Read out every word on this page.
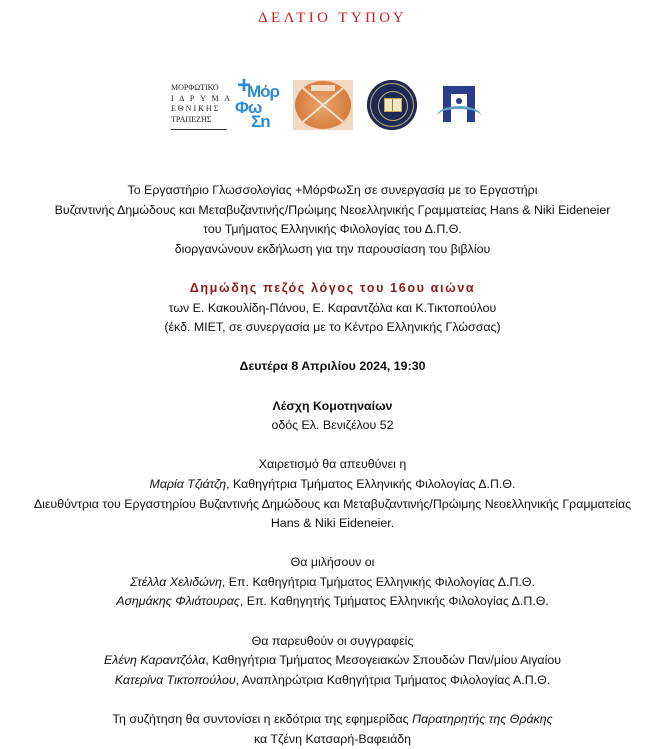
ΔΕΛΤΙΟ ΤΥΠΟΥ
ΜΟΡΦΩΤΙΚΟ
Ι Δ Ρ Υ Μ Α
ΕΘΝΙΚΗΣ
ΤΡΑΠΕΖΗΣ
+
Μόρ
Φω
Σn

Το Εργαστήριο Γλωσσολογίας +ΜόρΦωΣη σε συνεργασία με το Εργαστήρι

Βυζαντινής Δημώδους και Μεταβυζαντινής/Πρώιμης Νεοελληνικής Γραμματείας Hans & Niki Eideneier

του Τμήματος Ελληνικής Φιλολογίας του Δ.Π.Θ.

διοργανώνουν εκδήλωση για την παρουσίαση του βιβλίου

Δημώδης πεζός λόγος του 16ου αιώνα

των Ε. Κακουλίδη-Πάνου, Ε. Καραντζόλα και Κ.Τικτοπούλου

(έκδ. ΜΙΕΤ, σε συνεργασία με το Κέντρο Ελληνικής Γλώσσας)

Δευτέρα 8 Απριλίου 2024, 19:30

Λέσχη Κομοτηναίων

οδός Ελ. Βενιζέλου 52

Χαιρετισμό θα απευθύνει η

Μαρία Τζιάτζη, Καθηγήτρια Τμήματος Ελληνικής Φιλολογίας Δ.Π.Θ.

Διευθύντρια του Εργαστηρίου Βυζαντινής Δημώδους και Μεταβυζαντινής/Πρώιμης Νεοελληνικής Γραμματείας

Hans & Niki Eideneier.

Θα μιλήσουν οι

Στέλλα Χελιδώνη, Επ. Καθηγήτρια Τμήματος Ελληνικής Φιλολογίας Δ.Π.Θ.

Ασημάκης Φλιάτουρας, Επ. Καθηγητής Τμήματος Ελληνικής Φιλολογίας Δ.Π.Θ.

Θα παρευθούν οι συγγραφείς

Ελένη Καραντζόλα, Καθηγήτρια Τμήματος Μεσογειακών Σπουδών Παν/μίου Αιγαίου

Κατερίνα Τικτοπούλου, Αναπληρώτρια Καθηγήτρια Τμήματος Φιλολογίας Α.Π.Θ.

Τη συζήτηση θα συντονίσει η εκδότρια της εφημερίδας Παρατηρητής της Θράκης

κα Τζένη Κατσαρή-Βαφειάδη
